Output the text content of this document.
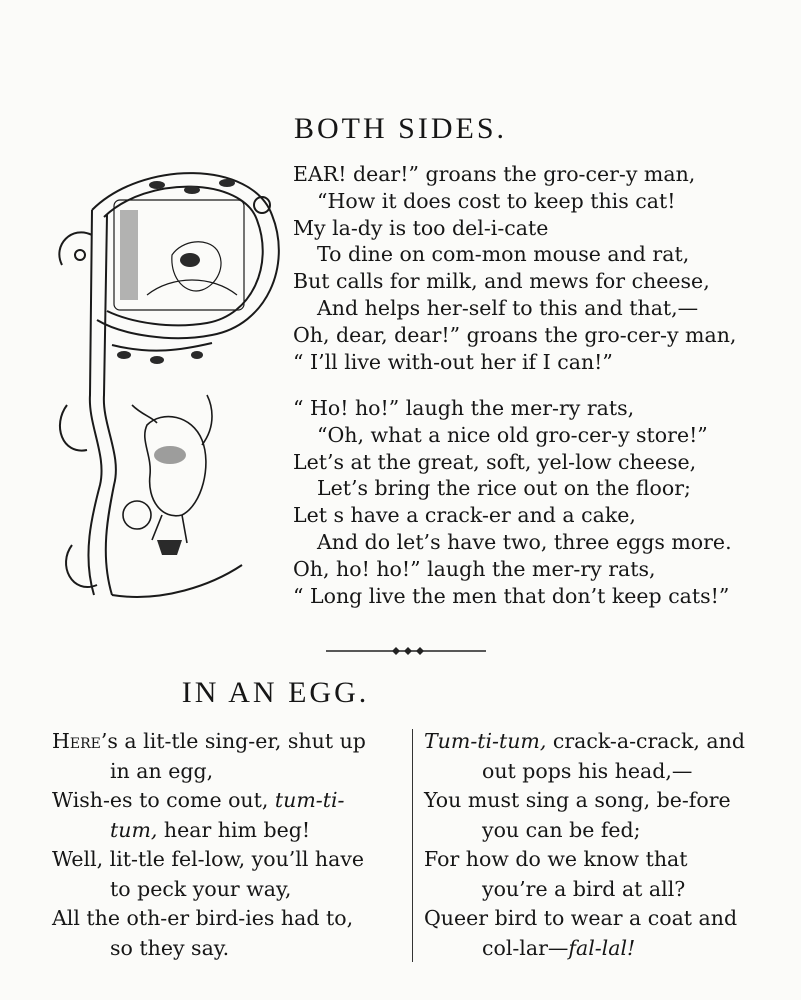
BOTH SIDES.
EAR! dear!” groans the gro-cer-y man,
“How it does cost to keep this cat!
My la-dy is too del-i-cate
To dine on com-mon mouse and rat,
But calls for milk, and mews for cheese,
And helps her-self to this and that,—
Oh, dear, dear!” groans the gro-cer-y man,
“ I’ll live with-out her if I can!”
“ Ho! ho!” laugh the mer-ry rats,
“Oh, what a nice old gro-cer-y store!”
Let’s at the great, soft, yel-low cheese,
Let’s bring the rice out on the floor;
Let s have a crack-er and a cake,
And do let’s have two, three eggs more.
Oh, ho! ho!” laugh the mer-ry rats,
“ Long live the men that don’t keep cats!”
IN AN EGG.
Here’s a lit-tle sing-er, shut up
in an egg,
Wish-es to come out, tum-ti-
tum, hear him beg!
Well, lit-tle fel-low, you’ll have
to peck your way,
All the oth-er bird-ies had to,
so they say.
Tum-ti-tum, crack-a-crack, and
out pops his head,—
You must sing a song, be-fore
you can be fed;
For how do we know that
you’re a bird at all?
Queer bird to wear a coat and
col-lar—fal-lal!
